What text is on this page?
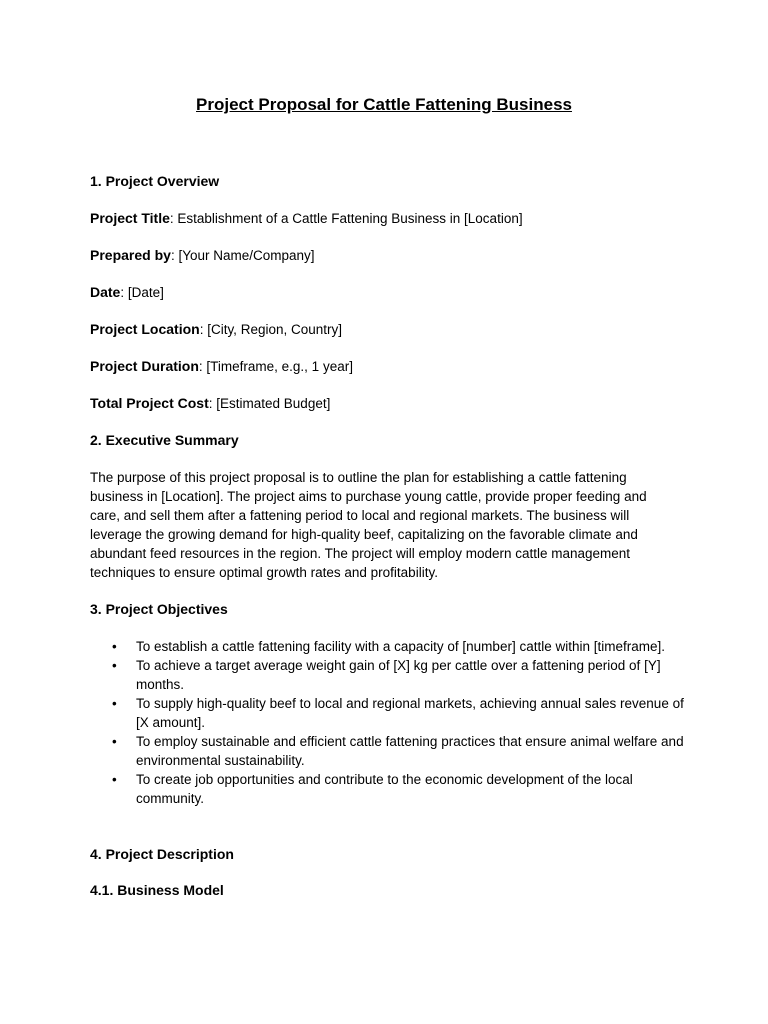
Project Proposal for Cattle Fattening Business

1. Project Overview

Project Title: Establishment of a Cattle Fattening Business in [Location]

Prepared by: [Your Name/Company]

Date: [Date]

Project Location: [City, Region, Country]

Project Duration: [Timeframe, e.g., 1 year]

Total Project Cost: [Estimated Budget]

2. Executive Summary

The purpose of this project proposal is to outline the plan for establishing a cattle fattening business in [Location]. The project aims to purchase young cattle, provide proper feeding and care, and sell them after a fattening period to local and regional markets. The business will leverage the growing demand for high-quality beef, capitalizing on the favorable climate and abundant feed resources in the region. The project will employ modern cattle management techniques to ensure optimal growth rates and profitability.

3. Project Objectives

• To establish a cattle fattening facility with a capacity of [number] cattle within [timeframe].
• To achieve a target average weight gain of [X] kg per cattle over a fattening period of [Y] months.
• To supply high-quality beef to local and regional markets, achieving annual sales revenue of [X amount].
• To employ sustainable and efficient cattle fattening practices that ensure animal welfare and environmental sustainability.
• To create job opportunities and contribute to the economic development of the local community.

4. Project Description

4.1. Business Model
